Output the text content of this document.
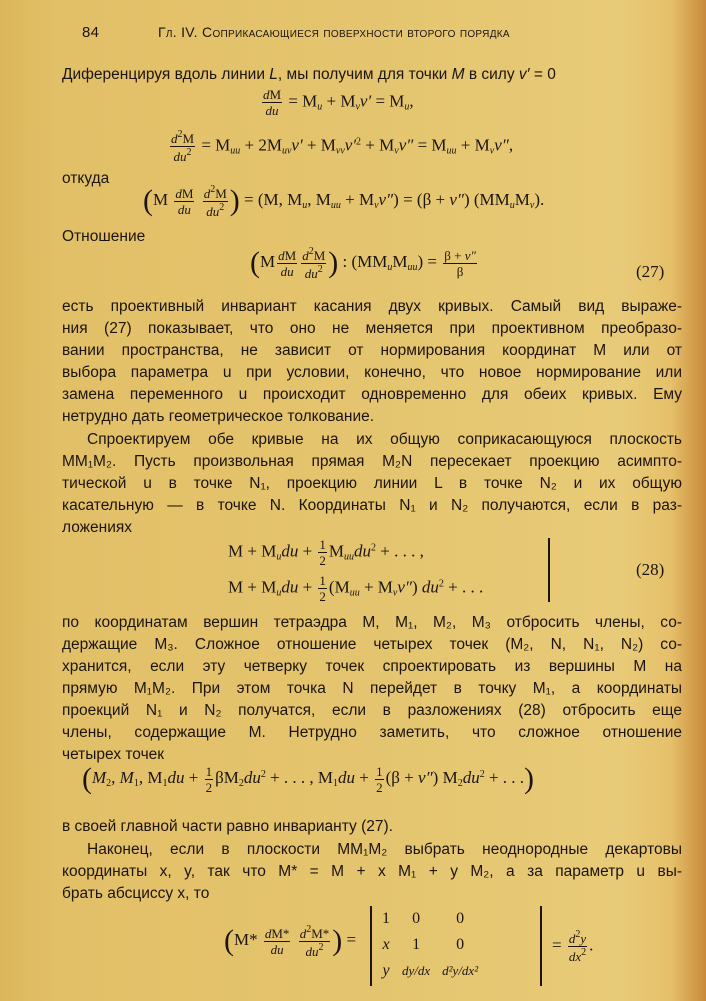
84	Гл. IV. Соприкасающиеся поверхности второго порядка
Диференцируя вдоль линии L, мы получим для точки M в силу v′ = 0
$\frac{dM}{du} = M_u + M_vv' = M_u$,
$\frac{d^2M}{du^2} = M_{uu} + 2M_{uv}v' + M_{vv}v'^2 + M_vv'' = M_{uu} + M_vv''$,
откуда
($M \frac{dM}{du}$
$\frac{d^2M}{du^2}$ ) = (M, $M_u$, $M_{uu} + M_vv'') = (\beta + v'')$ $(MM_uM_v)$.
Отношение
($M \frac{dM}{du} \frac{d^2M}{du^2}$ ) : $(MM_uM_{uu}) = \frac{\beta + v''}{\beta}$	(27)
есть проективный инвариант касания двух кривых. Самый вид выраже-
ния (27) показывает, что оно не меняется при проективном преобразо-
вании пространства, не зависит от нормирования координат M или от
выбора параметра u при условии, конечно, что новое нормирование или
замена переменного u происходит одновременно для обеих кривых. Ему
нетрудно дать геометрическое толкование.
Спроектируем обе кривые на их общую соприкасающуюся плоскость
MM₁M₂. Пусть произвольная прямая M₂N пересекает проекцию асимпто-
тической u в точке N₁, проекцию линии L в точке N₂ и их общую
касательную — в точке N. Координаты N₁ и N₂ получаются, если в раз-
ложениях
$M + M_udu + \frac{1}{2} M_{uu}du^2$ + . . . ,
$M + M_udu + \frac{1}{2} (M_{uu} + M_vv'') du^2$ + . . .
(28)
по координатам вершин тетраэдра M, M₁, M₂, M₃ отбросить члены, со-
держащие M₃. Сложное отношение четырех точек (M₂, N, N₁, N₂) со-
хранится, если эту четверку точек спроектировать из вершины M на
прямую M₁M₂. При этом точка N перейдет в точку M₁, а координаты
проекций N₁ и N₂ получатся, если в разложениях (28) отбросить еще
члены, содержащие M. Нетрудно заметить, что сложное отношение
четырех точек
($M_2$, $M_1$, $M_1du + \frac{1}{2} \beta M_2du^2$ + . . . , $M_1du + \frac{1}{2} (\beta + v'') M_2du^2$ + . . .)
в своей главной части равно инварианту (27).
Наконец, если в плоскости MM₁M₂ выбрать неоднородные декартовы
координаты x, y, так что M* = M + x M₁ + y M₂, а за параметр u вы-
брать абсциссу x, то
($M* \frac{dM*}{du}$
$\frac{d^2M*}{du^2}$ ) =
1	0	0
x	1	0
y	dy/dx	d²y/dx²
= $\frac{d^2y}{dx^2}$ .
